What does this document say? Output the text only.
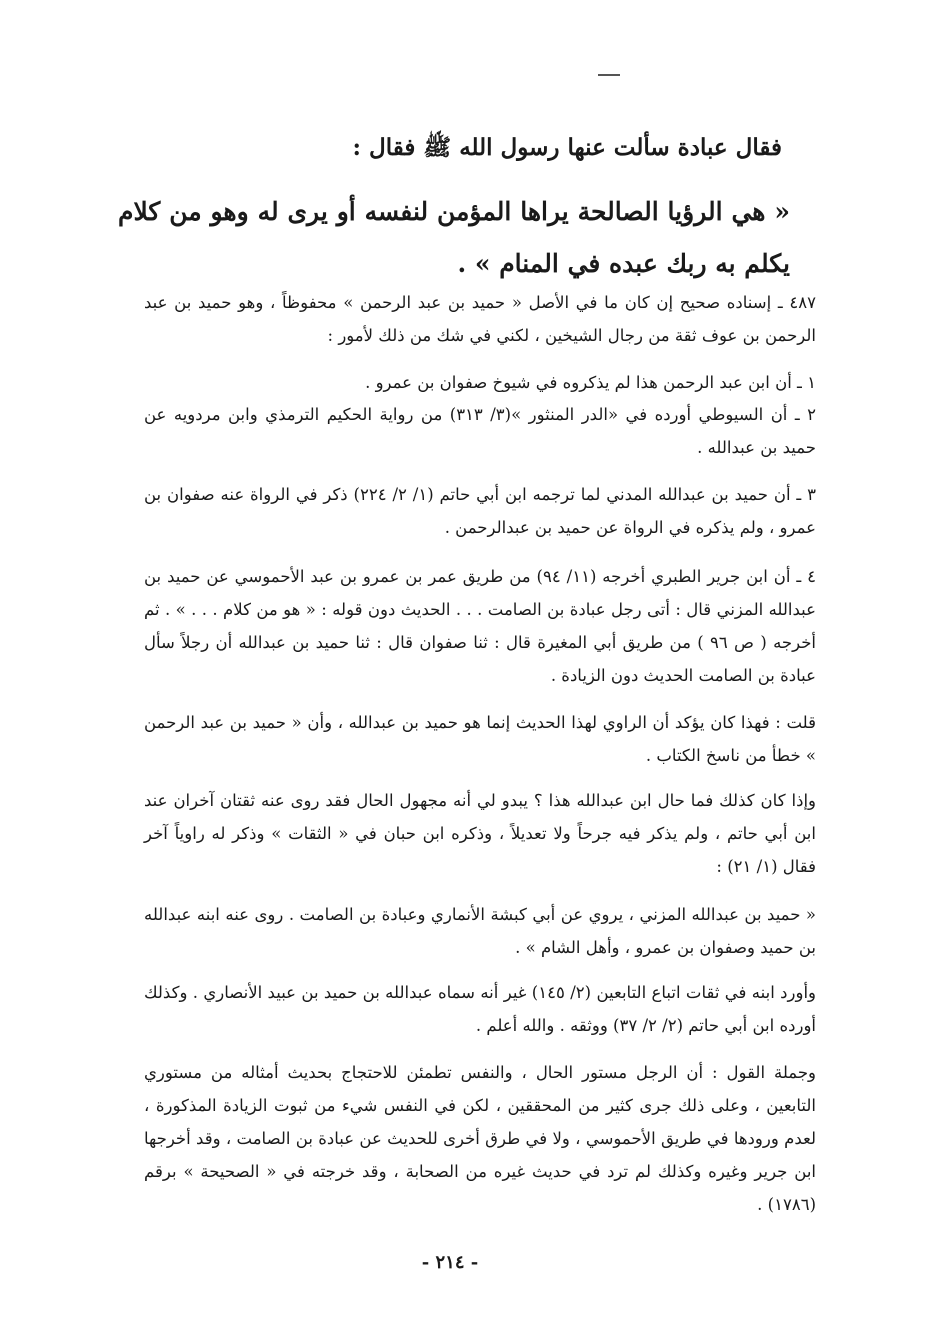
فقال عبادة سألت عنها رسول الله ﷺ فقال :
« هي الرؤيا الصالحة يراها المؤمن لنفسه أو يرى له وهو من كلام يكلم به ربك عبده في المنام » .
٤٨٧ ـ إسناده صحيح إن كان ما في الأصل « حميد بن عبد الرحمن » محفوظاً ، وهو حميد بن عبد الرحمن بن عوف ثقة من رجال الشيخين ، لكني في شك من ذلك لأمور :
١ ـ أن ابن عبد الرحمن هذا لم يذكروه في شيوخ صفوان بن عمرو .
٢ ـ أن السيوطي أورده في «الدر المنثور »(٣/ ٣١٣) من رواية الحكيم الترمذي وابن مردويه عن حميد بن عبدالله .
٣ ـ أن حميد بن عبدالله المدني لما ترجمه ابن أبي حاتم (١/ ٢/ ٢٢٤) ذكر في الرواة عنه صفوان بن عمرو ، ولم يذكره في الرواة عن حميد بن عبدالرحمن .
٤ ـ أن ابن جرير الطبري أخرجه (١١/ ٩٤) من طريق عمر بن عمرو بن عبد الأحموسي عن حميد بن عبدالله المزني قال : أتى رجل عبادة بن الصامت . . . الحديث دون قوله : « هو من كلام . . . » . ثم أخرجه ( ص ٩٦ ) من طريق أبي المغيرة قال : ثنا صفوان قال : ثنا حميد بن عبدالله أن رجلاً سأل عبادة بن الصامت الحديث دون الزيادة .
قلت : فهذا كان يؤكد أن الراوي لهذا الحديث إنما هو حميد بن عبدالله ، وأن « حميد بن عبد الرحمن » خطأ من ناسخ الكتاب .
وإذا كان كذلك فما حال ابن عبدالله هذا ؟ يبدو لي أنه مجهول الحال فقد روى عنه ثقتان آخران عند ابن أبي حاتم ، ولم يذكر فيه جرحاً ولا تعديلاً ، وذكره ابن حبان في « الثقات » وذكر له راوياً آخر فقال (١/ ٢١) :
« حميد بن عبدالله المزني ، يروي عن أبي كبشة الأنماري وعبادة بن الصامت . روى عنه ابنه عبدالله بن حميد وصفوان بن عمرو ، وأهل الشام » .
وأورد ابنه في ثقات اتباع التابعين (٢/ ١٤٥) غير أنه سماه عبدالله بن حميد بن عبيد الأنصاري . وكذلك أورده ابن أبي حاتم (٢/ ٢/ ٣٧) ووثقه . والله أعلم .
وجملة القول : أن الرجل مستور الحال ، والنفس تطمئن للاحتجاج بحديث أمثاله من مستوري التابعين ، وعلى ذلك جرى كثير من المحققين ، لكن في النفس شيء من ثبوت الزيادة المذكورة ، لعدم ورودها في طريق الأحموسي ، ولا في طرق أخرى للحديث عن عبادة بن الصامت ، وقد أخرجها ابن جرير وغيره وكذلك لم ترد في حديث غيره من الصحابة ، وقد خرجته في « الصحيحة » برقم (١٧٨٦) .
- ٢١٤ -
